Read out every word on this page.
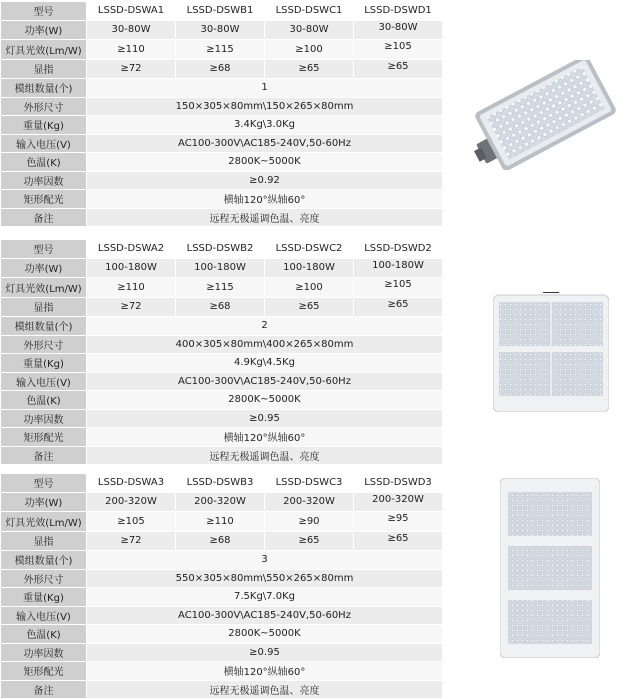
型号	LSSD-DSWA1	LSSD-DSWB1	LSSD-DSWC1	LSSD-DSWD1
功率(W)	30-80W	30-80W	30-80W	30-80W
灯具光效(Lm/W)	≥110	≥115	≥100	≥105
显指	≥72	≥68	≥65	≥65
模组数量(个)	1			
外形尺寸	150×305×80mm\150×265×80mm			
重量(Kg)	3.4Kg\3.0Kg			
输入电压(V)	AC100-300V\AC185-240V,50-60Hz			
色温(K)	2800K~5000K			
功率因数	≥0.92			
矩形配光	横轴120°纵轴60°			
备注	远程无极遥调色温、亮度			
型号	LSSD-DSWA2	LSSD-DSWB2	LSSD-DSWC2	LSSD-DSWD2
功率(W)	100-180W	100-180W	100-180W	100-180W
灯具光效(Lm/W)	≥110	≥115	≥100	≥105
显指	≥72	≥68	≥65	≥65
模组数量(个)	2			
外形尺寸	400×305×80mm\400×265×80mm			
重量(Kg)	4.9Kg\4.5Kg			
输入电压(V)	AC100-300V\AC185-240V,50-60Hz			
色温(K)	2800K~5000K			
功率因数	≥0.95			
矩形配光	横轴120°纵轴60°			
备注	远程无极遥调色温、亮度			
型号	LSSD-DSWA3	LSSD-DSWB3	LSSD-DSWC3	LSSD-DSWD3
功率(W)	200-320W	200-320W	200-320W	200-320W
灯具光效(Lm/W)	≥105	≥110	≥90	≥95
显指	≥72	≥68	≥65	≥65
模组数量(个)	3			
外形尺寸	550×305×80mm\550×265×80mm			
重量(Kg)	7.5Kg\7.0Kg			
输入电压(V)	AC100-300V\AC185-240V,50-60Hz			
色温(K)	2800K~5000K			
功率因数	≥0.95			
矩形配光	横轴120°纵轴60°			
备注	远程无极遥调色温、亮度			
